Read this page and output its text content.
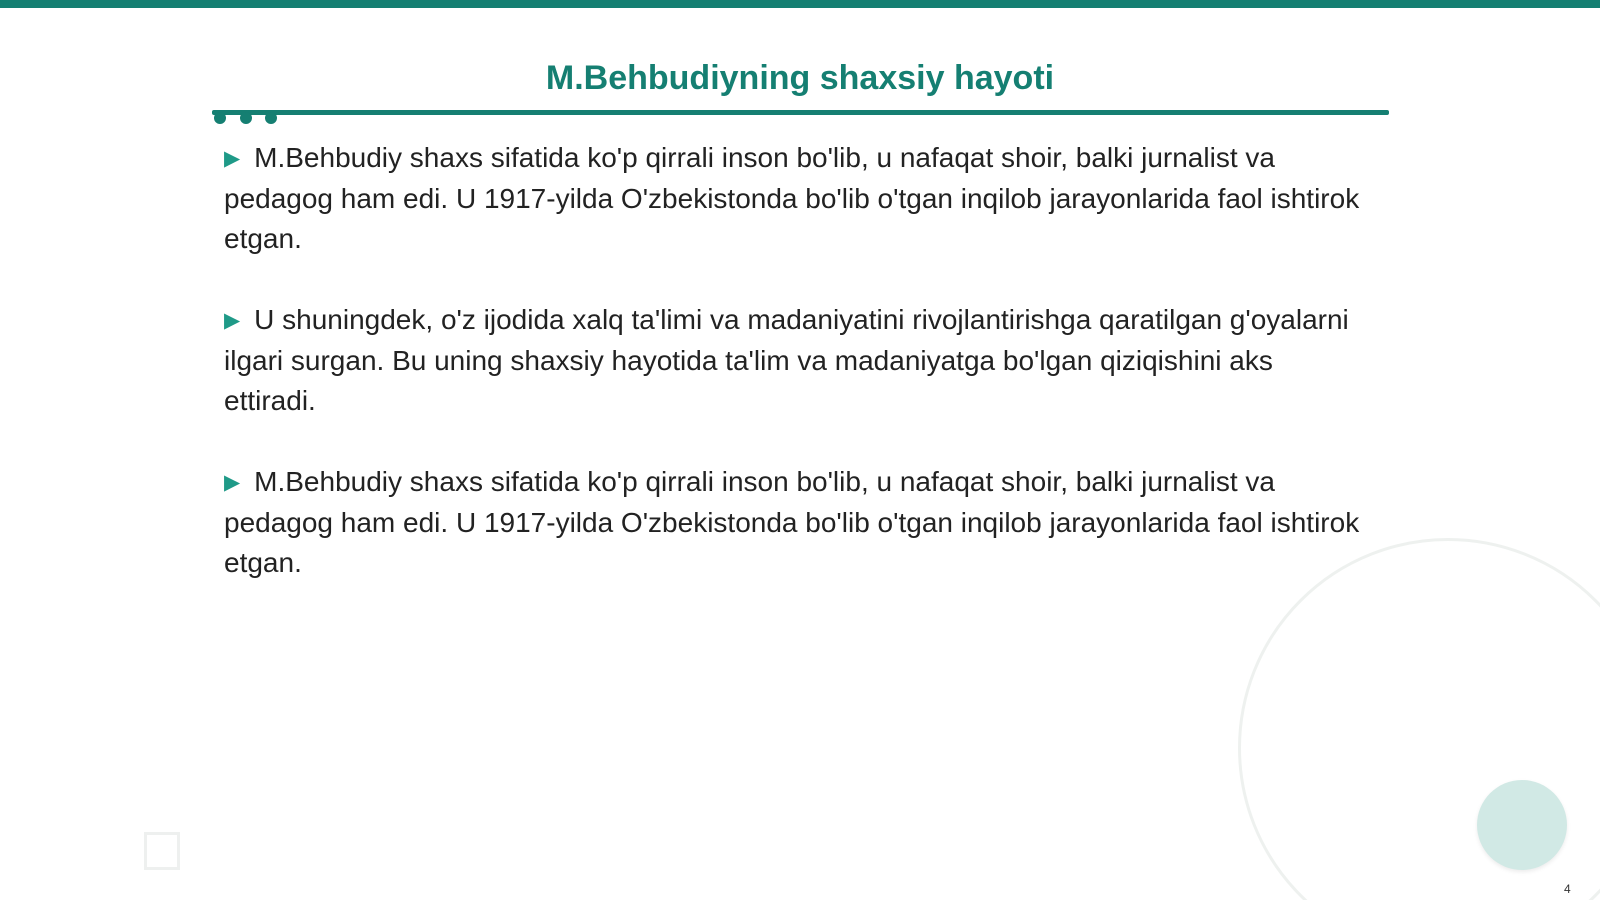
M.Behbudiyning shaxsiy hayoti

▶ M.Behbudiy shaxs sifatida ko'p qirrali inson bo'lib, u nafaqat shoir, balki jurnalist va pedagog ham edi. U 1917-yilda O'zbekistonda bo'lib o'tgan inqilob jarayonlarida faol ishtirok etgan.

▶ U shuningdek, o'z ijodida xalq ta'limi va madaniyatini rivojlantirishga qaratilgan g'oyalarni ilgari surgan. Bu uning shaxsiy hayotida ta'lim va madaniyatga bo'lgan qiziqishini aks ettiradi.

▶ M.Behbudiy shaxs sifatida ko'p qirrali inson bo'lib, u nafaqat shoir, balki jurnalist va pedagog ham edi. U 1917-yilda O'zbekistonda bo'lib o'tgan inqilob jarayonlarida faol ishtirok etgan.

4
